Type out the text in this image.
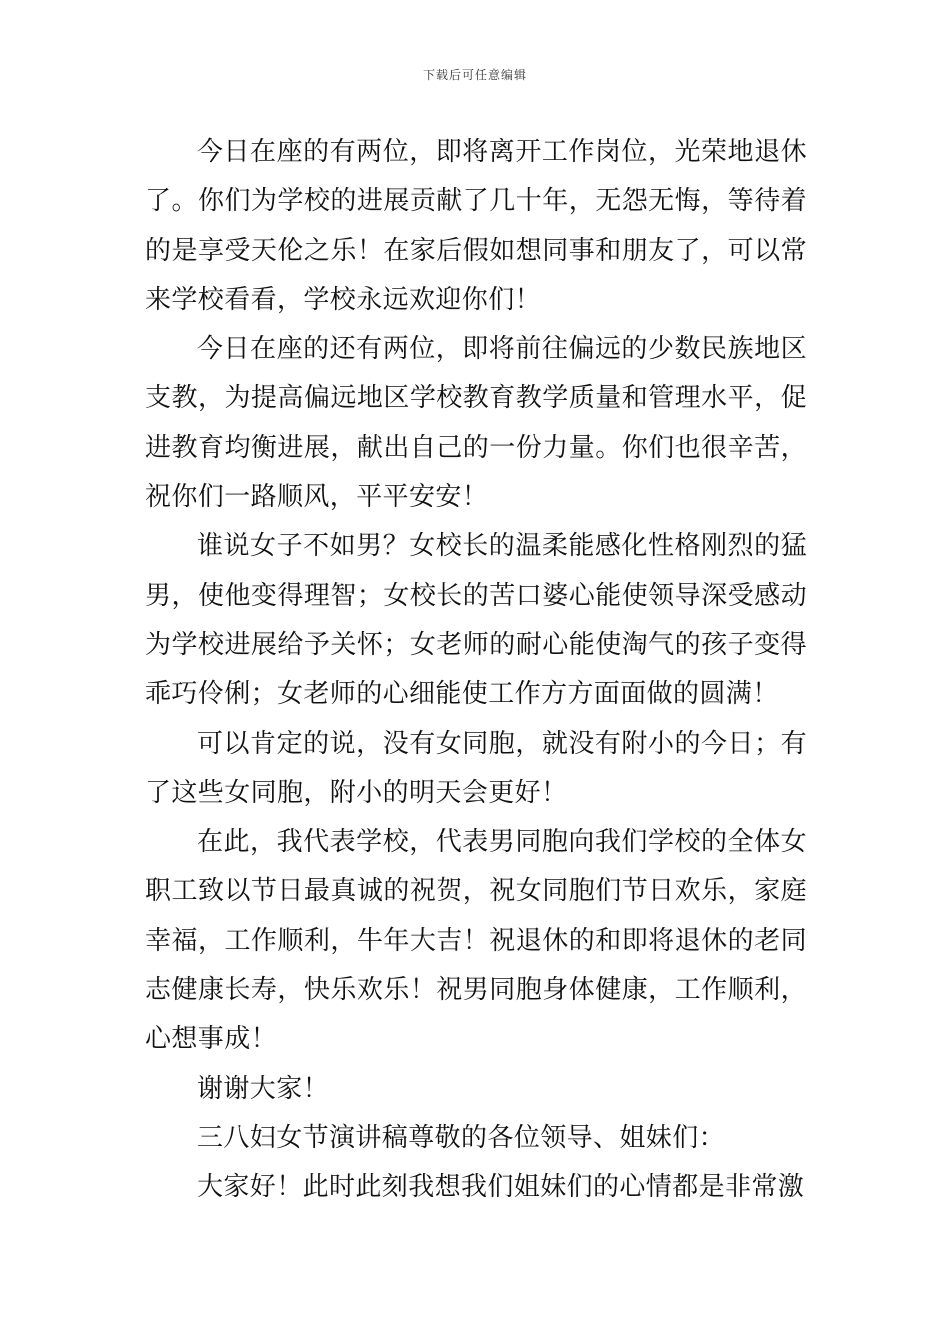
下载后可任意编辑

今日在座的有两位，即将离开工作岗位，光荣地退休了。你们为学校的进展贡献了几十年，无怨无悔，等待着的是享受天伦之乐！在家后假如想同事和朋友了，可以常来学校看看，学校永远欢迎你们！

今日在座的还有两位，即将前往偏远的少数民族地区支教，为提高偏远地区学校教育教学质量和管理水平，促进教育均衡进展，献出自己的一份力量。你们也很辛苦，祝你们一路顺风，平平安安！

谁说女子不如男？女校长的温柔能感化性格刚烈的猛男，使他变得理智；女校长的苦口婆心能使领导深受感动为学校进展给予关怀；女老师的耐心能使淘气的孩子变得乖巧伶俐；女老师的心细能使工作方方面面做的圆满！

可以肯定的说，没有女同胞，就没有附小的今日；有了这些女同胞，附小的明天会更好！

在此，我代表学校，代表男同胞向我们学校的全体女职工致以节日最真诚的祝贺，祝女同胞们节日欢乐，家庭幸福，工作顺利，牛年大吉！祝退休的和即将退休的老同志健康长寿，快乐欢乐！祝男同胞身体健康，工作顺利，心想事成！

谢谢大家！

三八妇女节演讲稿尊敬的各位领导、姐妹们：

大家好！此时此刻我想我们姐妹们的心情都是非常激
